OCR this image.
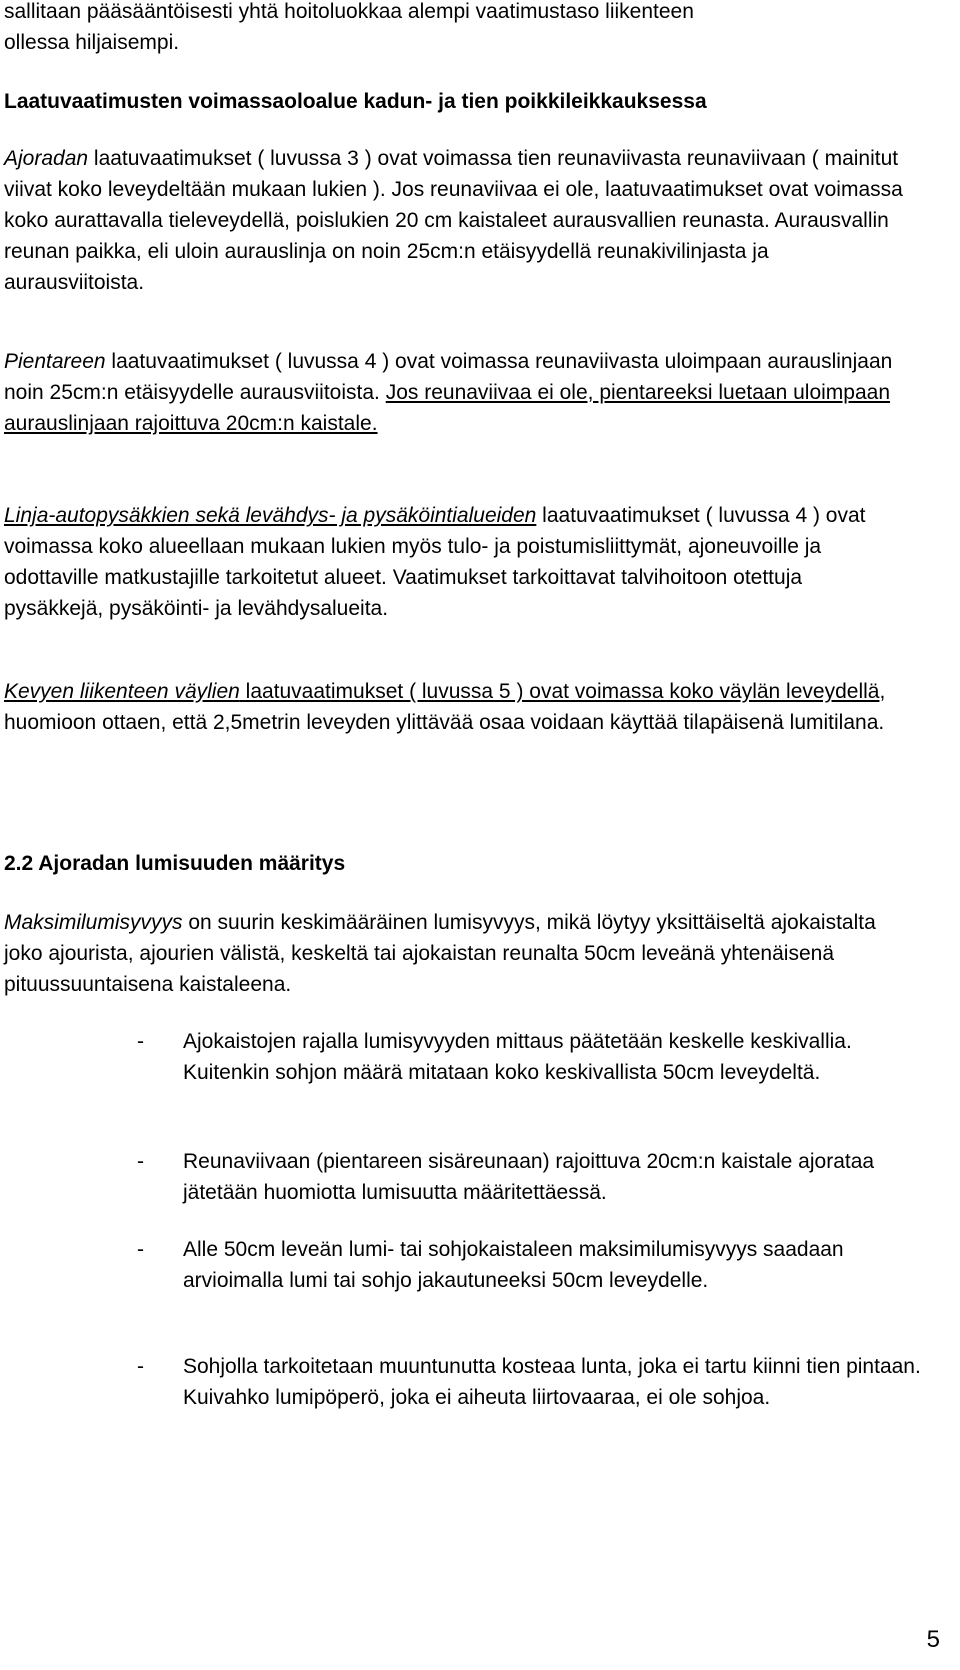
sallitaan pääsääntöisesti yhtä hoitoluokkaa alempi vaatimustaso liikenteen
ollessa hiljaisempi.
Laatuvaatimusten voimassaoloalue kadun- ja tien poikkileikkauksessa
Ajoradan laatuvaatimukset ( luvussa 3 ) ovat voimassa tien reunaviivasta reunaviivaan ( mainitut viivat koko leveydeltään mukaan lukien ). Jos reunaviivaa ei ole, laatuvaatimukset ovat voimassa koko aurattavalla tieleveydellä, poislukien 20 cm kaistaleet aurausvallien reunasta. Aurausvallin reunan paikka, eli uloin aurauslinja on noin 25cm:n etäisyydellä reunakivilinjasta ja aurausviitoista.
Pientareen laatuvaatimukset ( luvussa 4 ) ovat voimassa reunaviivasta uloimpaan aurauslinjaan noin 25cm:n etäisyydelle aurausviitoista. Jos reunaviivaa ei ole, pientareeksi luetaan uloimpaan aurauslinjaan rajoittuva 20cm:n kaistale.
Linja-autopysäkkien sekä levähdys- ja pysäköintialueiden laatuvaatimukset ( luvussa 4 ) ovat voimassa koko alueellaan mukaan lukien myös tulo- ja poistumisliittymät, ajoneuvoille ja odottaville matkustajille tarkoitetut alueet. Vaatimukset tarkoittavat talvihoitoon otettuja pysäkkejä, pysäköinti- ja levähdysalueita.
Kevyen liikenteen väylien laatuvaatimukset ( luvussa 5 ) ovat voimassa koko väylän leveydellä, huomioon ottaen, että 2,5metrin leveyden ylittävää osaa voidaan käyttää tilapäisenä lumitilana.
2.2 Ajoradan lumisuuden määritys
Maksimilumisyvyys on suurin keskimääräinen lumisyvyys, mikä löytyy yksittäiseltä ajokaistalta joko ajourista, ajourien välistä, keskeltä tai ajokaistan reunalta 50cm leveänä yhtenäisenä pituussuuntaisena kaistaleena.
- Ajokaistojen rajalla lumisyvyyden mittaus päätetään keskelle keskivallia. Kuitenkin sohjon määrä mitataan koko keskivallista 50cm leveydeltä.
- Reunaviivaan (pientareen sisäreunaan) rajoittuva 20cm:n kaistale ajorataa jätetään huomiotta lumisuutta määritettäessä.
- Alle 50cm leveän lumi- tai sohjokaistaleen maksimilumisyvyys saadaan arvioimalla lumi tai sohjo jakautuneeksi 50cm leveydelle.
- Sohjolla tarkoitetaan muuntunutta kosteaa lunta, joka ei tartu kiinni tien pintaan. Kuivahko lumipöperö, joka ei aiheuta liirtovaaraa, ei ole sohjoa.
5
